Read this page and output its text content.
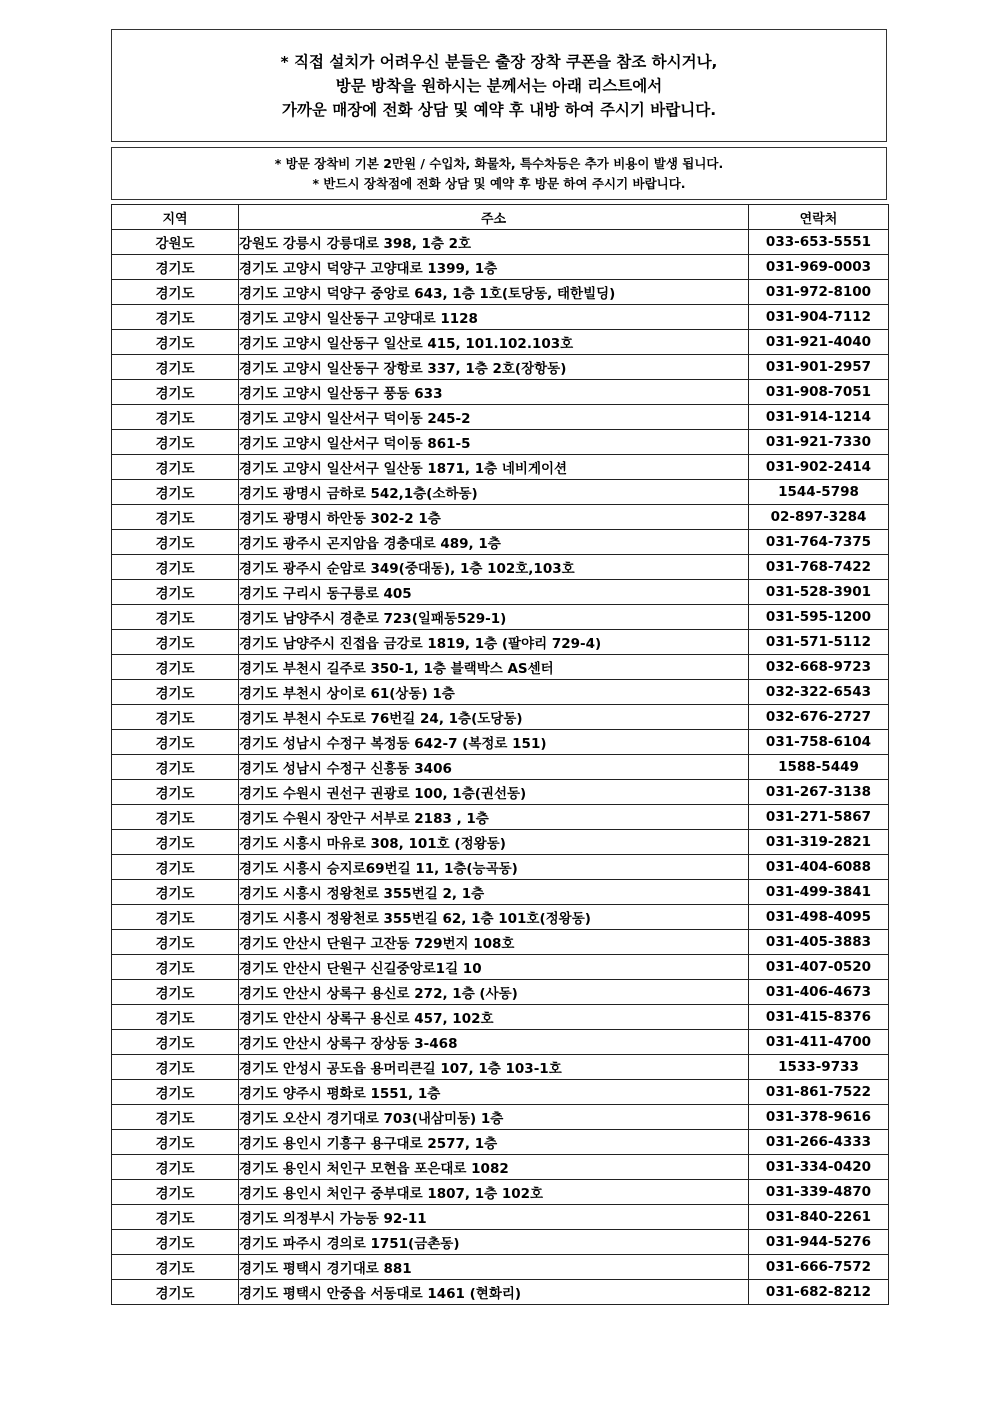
* 직접 설치가 어려우신 분들은 출장 장착 쿠폰을 참조 하시거나,
방문 방착을 원하시는 분께서는 아래 리스트에서
가까운 매장에 전화 상담 및 예약 후 내방 하여 주시기 바랍니다.
* 방문 장착비 기본 2만원 / 수입차, 화물차, 특수차등은 추가 비용이 발생 됩니다.
* 반드시 장착점에 전화 상담 및 예약 후 방문 하여 주시기 바랍니다.
지역	주소	연락처
강원도	강원도 강릉시 강릉대로 398, 1층 2호	033-653-5551
경기도	경기도 고양시 덕양구 고양대로 1399, 1층	031-969-0003
경기도	경기도 고양시 덕양구 중앙로 643, 1층 1호(토당동, 태한빌딩)	031-972-8100
경기도	경기도 고양시 일산동구 고양대로 1128	031-904-7112
경기도	경기도 고양시 일산동구 일산로 415, 101.102.103호	031-921-4040
경기도	경기도 고양시 일산동구 장항로 337, 1층 2호(장항동)	031-901-2957
경기도	경기도 고양시 일산동구 풍동 633	031-908-7051
경기도	경기도 고양시 일산서구 덕이동 245-2	031-914-1214
경기도	경기도 고양시 일산서구 덕이동 861-5	031-921-7330
경기도	경기도 고양시 일산서구 일산동 1871, 1층 네비게이션	031-902-2414
경기도	경기도 광명시 금하로 542,1층(소하동)	1544-5798
경기도	경기도 광명시 하안동 302-2 1층	02-897-3284
경기도	경기도 광주시 곤지암읍 경충대로 489, 1층	031-764-7375
경기도	경기도 광주시 순암로 349(중대동), 1층 102호,103호	031-768-7422
경기도	경기도 구리시 동구릉로 405	031-528-3901
경기도	경기도 남양주시 경춘로 723(일패동529-1)	031-595-1200
경기도	경기도 남양주시 진접읍 금강로 1819, 1층 (팔야리 729-4)	031-571-5112
경기도	경기도 부천시 길주로 350-1, 1층 블랙박스 AS센터	032-668-9723
경기도	경기도 부천시 상이로 61(상동) 1층	032-322-6543
경기도	경기도 부천시 수도로 76번길 24, 1층(도당동)	032-676-2727
경기도	경기도 성남시 수정구 복정동 642-7 (복정로 151)	031-758-6104
경기도	경기도 성남시 수정구 신흥동 3406	1588-5449
경기도	경기도 수원시 권선구 권광로 100, 1층(권선동)	031-267-3138
경기도	경기도 수원시 장안구 서부로 2183 , 1층	031-271-5867
경기도	경기도 시흥시 마유로 308, 101호 (정왕동)	031-319-2821
경기도	경기도 시흥시 승지로69번길 11, 1층(능곡동)	031-404-6088
경기도	경기도 시흥시 정왕천로 355번길 2, 1층	031-499-3841
경기도	경기도 시흥시 정왕천로 355번길 62, 1층 101호(정왕동)	031-498-4095
경기도	경기도 안산시 단원구 고잔동 729번지 108호	031-405-3883
경기도	경기도 안산시 단원구 신길중앙로1길 10	031-407-0520
경기도	경기도 안산시 상록구 용신로 272, 1층 (사동)	031-406-4673
경기도	경기도 안산시 상록구 용신로 457, 102호	031-415-8376
경기도	경기도 안산시 상록구 장상동 3-468	031-411-4700
경기도	경기도 안성시 공도읍 용머리큰길 107, 1층 103-1호	1533-9733
경기도	경기도 양주시 평화로 1551, 1층	031-861-7522
경기도	경기도 오산시 경기대로 703(내삼미동) 1층	031-378-9616
경기도	경기도 용인시 기흥구 용구대로 2577, 1층	031-266-4333
경기도	경기도 용인시 처인구 모현읍 포은대로 1082	031-334-0420
경기도	경기도 용인시 처인구 중부대로 1807, 1층 102호	031-339-4870
경기도	경기도 의정부시 가능동 92-11	031-840-2261
경기도	경기도 파주시 경의로 1751(금촌동)	031-944-5276
경기도	경기도 평택시 경기대로 881	031-666-7572
경기도	경기도 평택시 안중읍 서동대로 1461 (현화리)	031-682-8212
